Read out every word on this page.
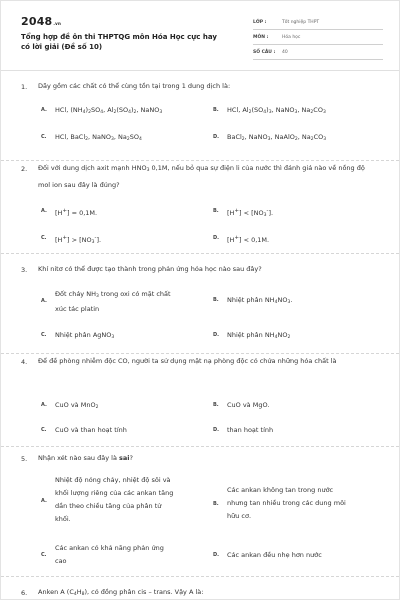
2048.vn
Tổng hợp đề ôn thi THPTQG môn Hóa Học cực hay có lời giải (Đề số 10)
LỚP :	Tốt nghiệp THPT
MÔN :	Hóa học
SỐ CÂU :	40
1. Dãy gồm các chất có thể cùng tồn tại trong 1 dung dịch là:
A. HCl, $(NH_4)_2SO_4$, $Al_2(SO_4)_2$, NaNO$_3$	B. HCl, $Al_2(SO_4)_3$, NaNO$_3$, $Na_2CO_3$
C. HCl, BaCl$_2$, NaNO$_3$, $Na_2SO_4$	D. BaCl$_2$, NaNO$_3$, NaAlO$_2$, $Na_2CO_3$
2. Đối với dung dịch axit mạnh $HNO_3$ 0,1M, nếu bỏ qua sự điện li của nước thì đánh giá nào về nồng độ mol ion sau đây là đúng?
A. [H+] = 0,1M.	B. $[H^+] < [NO_3^-]$.
C. $[H^+] > [NO_3^-]$.	D. [H+] < 0,1M.
3. Khí nitơ có thể được tạo thành trong phản ứng hóa học nào sau đây?
A.
Đốt cháy $NH_3$ trong oxi có mặt chất
xúc tác platin
B. Nhiệt phân $NH_4NO_3$.
C. Nhiệt phân AgNO$_3$	D. Nhiệt phân $NH_4NO_2$
4. Để đề phòng nhiễm độc CO, người ta sử dụng mặt nạ phòng độc có chứa những hóa chất là
A. CuO và MnO$_2$	B. CuO và MgO.
C. CuO và than hoạt tính	D. than hoạt tính
5. Nhận xét nào sau đây là sai?
A.
Nhiệt độ nóng chảy, nhiệt độ sôi và
khối lượng riêng của các ankan tăng
dần theo chiều tăng của phân tử
khối.
B.
Các ankan không tan trong nước
nhưng tan nhiều trong các dung môi
hữu cơ.
C.
Các ankan có khả năng phản ứng
cao
D. Các ankan đều nhẹ hơn nước
6. Anken A $(C_4H_8)$, có đồng phân cis – trans. Vậy A là:
